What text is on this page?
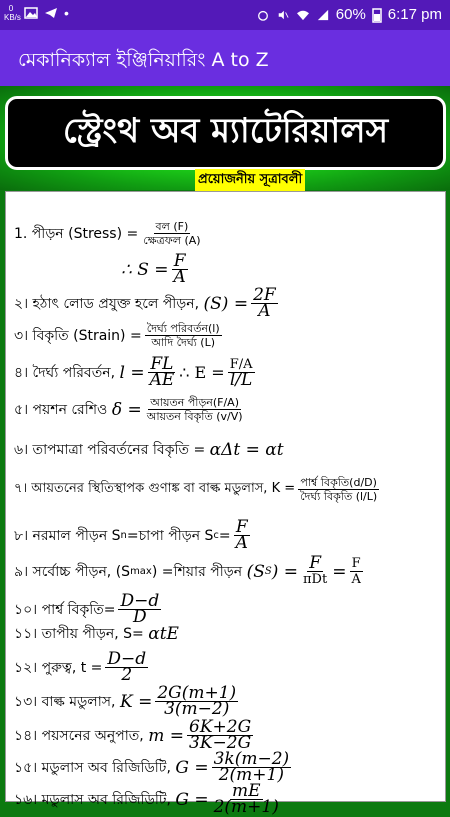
0
KB/s	•	60% 6:17 pm
মেকানিক্যাল ইঞ্জিনিয়ারিং A to Z
স্ট্রেংথ অব ম্যাটেরিয়ালস
প্রয়োজনীয় সূত্রাবলী
1. পীড়ন (Stress) = $\frac{\text{বল (F)}}{\text{ক্ষেত্রফল (A)}}$
∴ $S = \frac{F}{A}$
২। হঠাৎ লোড প্রযুক্ত হলে পীড়ন,
$(S) = \frac{2F}{A}$
৩। বিকৃতি (Strain) = $\frac{\text{দৈর্ঘ্য পরিবর্তন(l)}}{\text{আদি দৈর্ঘ্য (L)}}$
৪। দৈর্ঘ্য পরিবর্তন,
$l = \frac{FL}{AE}$ ∴ $E = \frac{F/A}{l/L}$
৫। পয়শন রেশিও
$\delta = \frac{\text{আয়তন পীড়ন(F/A)}}{\text{আয়তন বিকৃতি (v/V)}}$
৬। তাপমাত্রা পরিবর্তনের বিকৃতি =
αΔt = αt
৭। আয়তনের স্থিতিস্থাপক গুণাঙ্ক বা বাল্ক মডুলাস, $K = \frac{\text{পার্শ্ব বিকৃতি(d/D)}}{\text{দৈর্ঘ্য বিকৃতি (l/L)}}$
৮। নরমাল পীড়ন S n =চাপা পীড়ন S $c = \frac{F}{A}$
৯। সর্বোচ্চ পীড়ন, (S max ) =শিয়ার পীড়ন
(S S ) = $\frac{F}{\text{πDt}} = \frac{F}{A}$
১০। পার্শ্ব বিকৃতি= $\frac{D-d}{D}$
১১। তাপীয় পীড়ন, S=
αtE
১২। পুরুত্ব, $t = \frac{D-d}{2}$
১৩। বাল্ক মডুলাস,
$K = \frac{2G(m+1)}{3(m-2)}$
১৪। পয়সনের অনুপাত,
$m = \frac{6K+2G}{3K-2G}$
১৫। মডুলাস অব রিজিডিটি,
$G = \frac{3k(m-2)}{2(m+1)}$
১৬। মডুলাস অব রিজিডিটি,
$G = \frac{mE}{2(m+1)}$
